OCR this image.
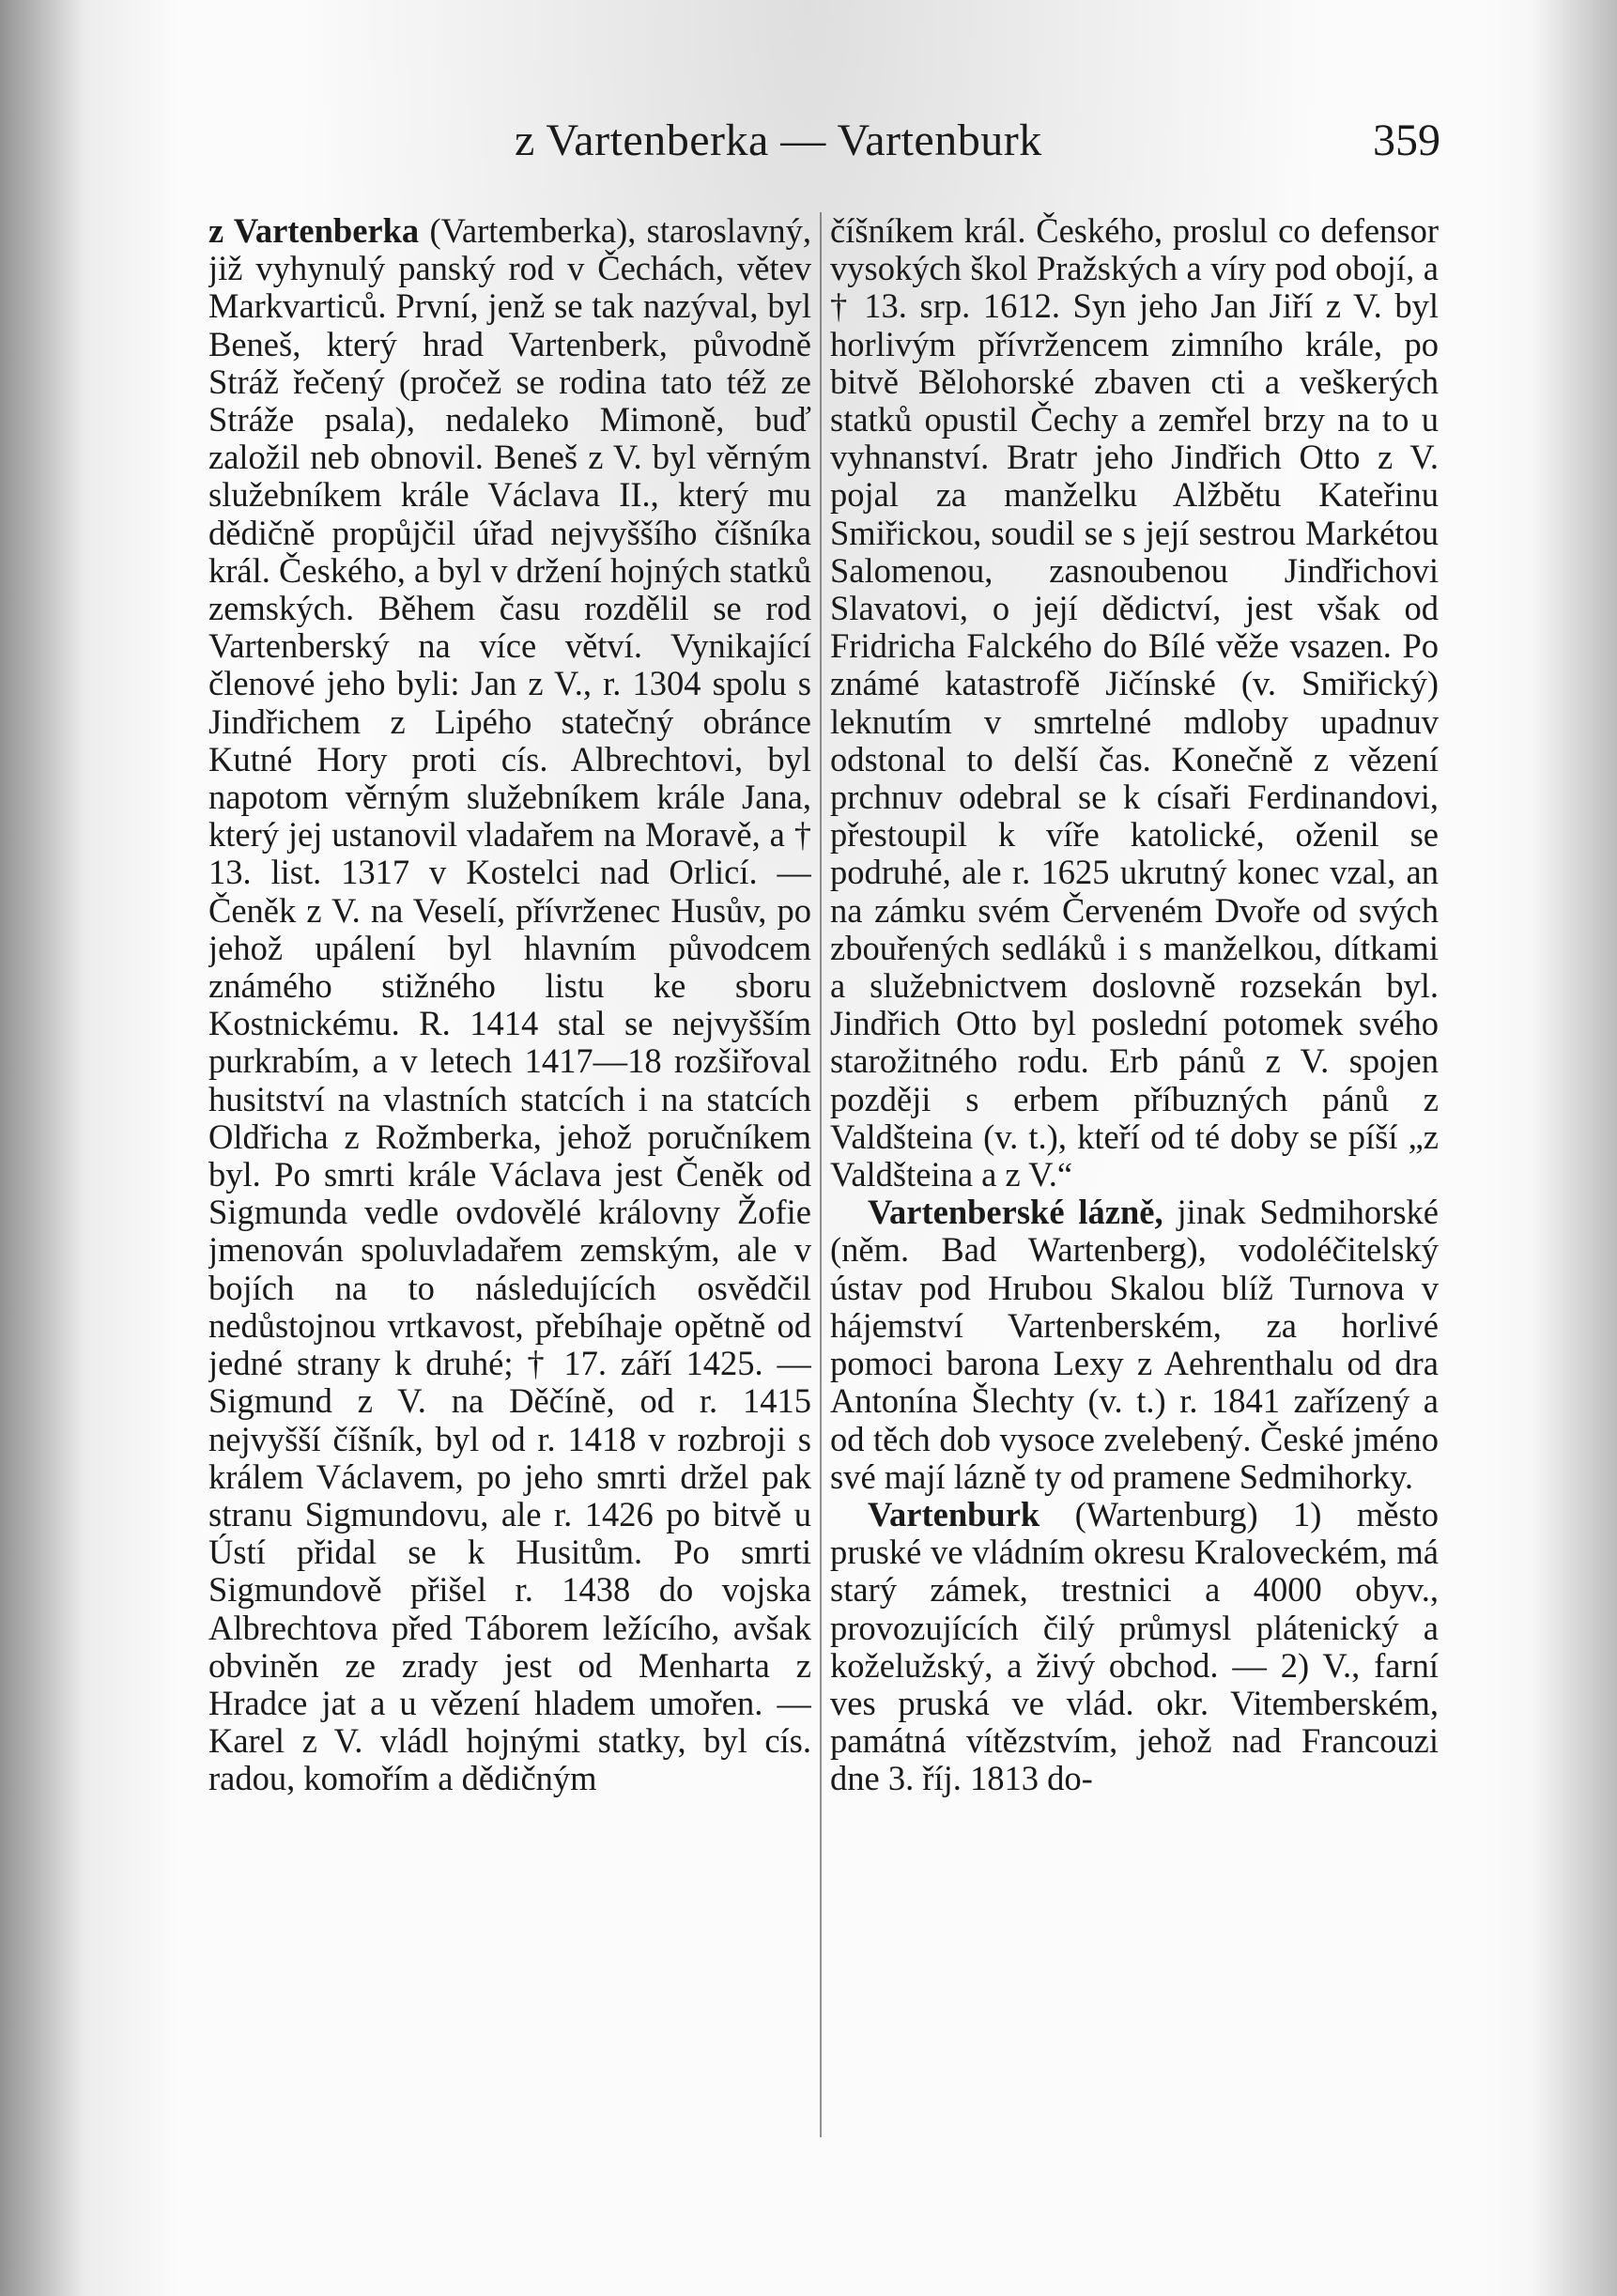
z Vartenberka — Vartenburk	359

z Vartenberka (Vartemberka), staroslavný, již vyhynulý panský rod v Čechách, větev Markvarticů. První, jenž se tak nazýval, byl Beneš, který hrad Vartenberk, původně Stráž řečený (pročež se rodina tato též ze Stráže psala), nedaleko Mimoně, buď založil neb obnovil. Beneš z V. byl věrným služebníkem krále Václava II., který mu dědičně propůjčil úřad nejvyššího číšníka král. Českého, a byl v držení hojných statků zemských. Během času rozdělil se rod Vartenberský na více větví. Vynikající členové jeho byli: Jan z V., r. 1304 spolu s Jindřichem z Lipého statečný obránce Kutné Hory proti cís. Albrechtovi, byl napotom věrným služebníkem krále Jana, který jej ustanovil vladařem na Moravě, a † 13. list. 1317 v Kostelci nad Orlicí. — Čeněk z V. na Veselí, přívrženec Husův, po jehož upálení byl hlavním původcem známého stižného listu ke sboru Kostnickému. R. 1414 stal se nejvyšším purkrabím, a v letech 1417—18 rozšiřoval husitství na vlastních statcích i na statcích Oldřicha z Rožmberka, jehož poručníkem byl. Po smrti krále Václava jest Čeněk od Sigmunda vedle ovdovělé královny Žofie jmenován spoluvladařem zemským, ale v bojích na to následujících osvědčil nedůstojnou vrtkavost, přebíhaje opětně od jedné strany k druhé; † 17. září 1425. — Sigmund z V. na Děčíně, od r. 1415 nejvyšší číšník, byl od r. 1418 v rozbroji s králem Václavem, po jeho smrti držel pak stranu Sigmundovu, ale r. 1426 po bitvě u Ústí přidal se k Husitům. Po smrti Sigmundově přišel r. 1438 do vojska Albrechtova před Táborem ležícího, avšak obviněn ze zrady jest od Menharta z Hradce jat a u vězení hladem umořen. — Karel z V. vládl hojnými statky, byl cís. radou, komořím a dědičným

číšníkem král. Českého, proslul co defensor vysokých škol Pražských a víry pod obojí, a † 13. srp. 1612. Syn jeho Jan Jiří z V. byl horlivým přívržencem zimního krále, po bitvě Bělohorské zbaven cti a veškerých statků opustil Čechy a zemřel brzy na to u vyhnanství. Bratr jeho Jindřich Otto z V. pojal za manželku Alžbětu Kateřinu Smiřickou, soudil se s její sestrou Markétou Salomenou, zasnoubenou Jindřichovi Slavatovi, o její dědictví, jest však od Fridricha Falckého do Bílé věže vsazen. Po známé katastrofě Jičínské (v. Smiřický) leknutím v smrtelné mdloby upadnuv odstonal to delší čas. Konečně z vězení prchnuv odebral se k císaři Ferdinandovi, přestoupil k víře katolické, oženil se podruhé, ale r. 1625 ukrutný konec vzal, an na zámku svém Červeném Dvoře od svých zbouřených sedláků i s manželkou, dítkami a služebnictvem doslovně rozsekán byl. Jindřich Otto byl poslední potomek svého starožitného rodu. Erb pánů z V. spojen později s erbem příbuzných pánů z Valdšteina (v. t.), kteří od té doby se píší „z Valdšteina a z V.“

Vartenberské lázně, jinak Sedmihorské (něm. Bad Wartenberg), vodoléčitelský ústav pod Hrubou Skalou blíž Turnova v hájemství Vartenberském, za horlivé pomoci barona Lexy z Aehrenthalu od dra Antonína Šlechty (v. t.) r. 1841 zařízený a od těch dob vysoce zvelebený. České jméno své mají lázně ty od pramene Sedmihorky.

Vartenburk (Wartenburg) 1) město pruské ve vládním okresu Kraloveckém, má starý zámek, trestnici a 4000 obyv., provozujících čilý průmysl plátenický a koželužský, a živý obchod. — 2) V., farní ves pruská ve vlád. okr. Vitemberském, památná vítězstvím, jehož nad Francouzi dne 3. říj. 1813 do-
